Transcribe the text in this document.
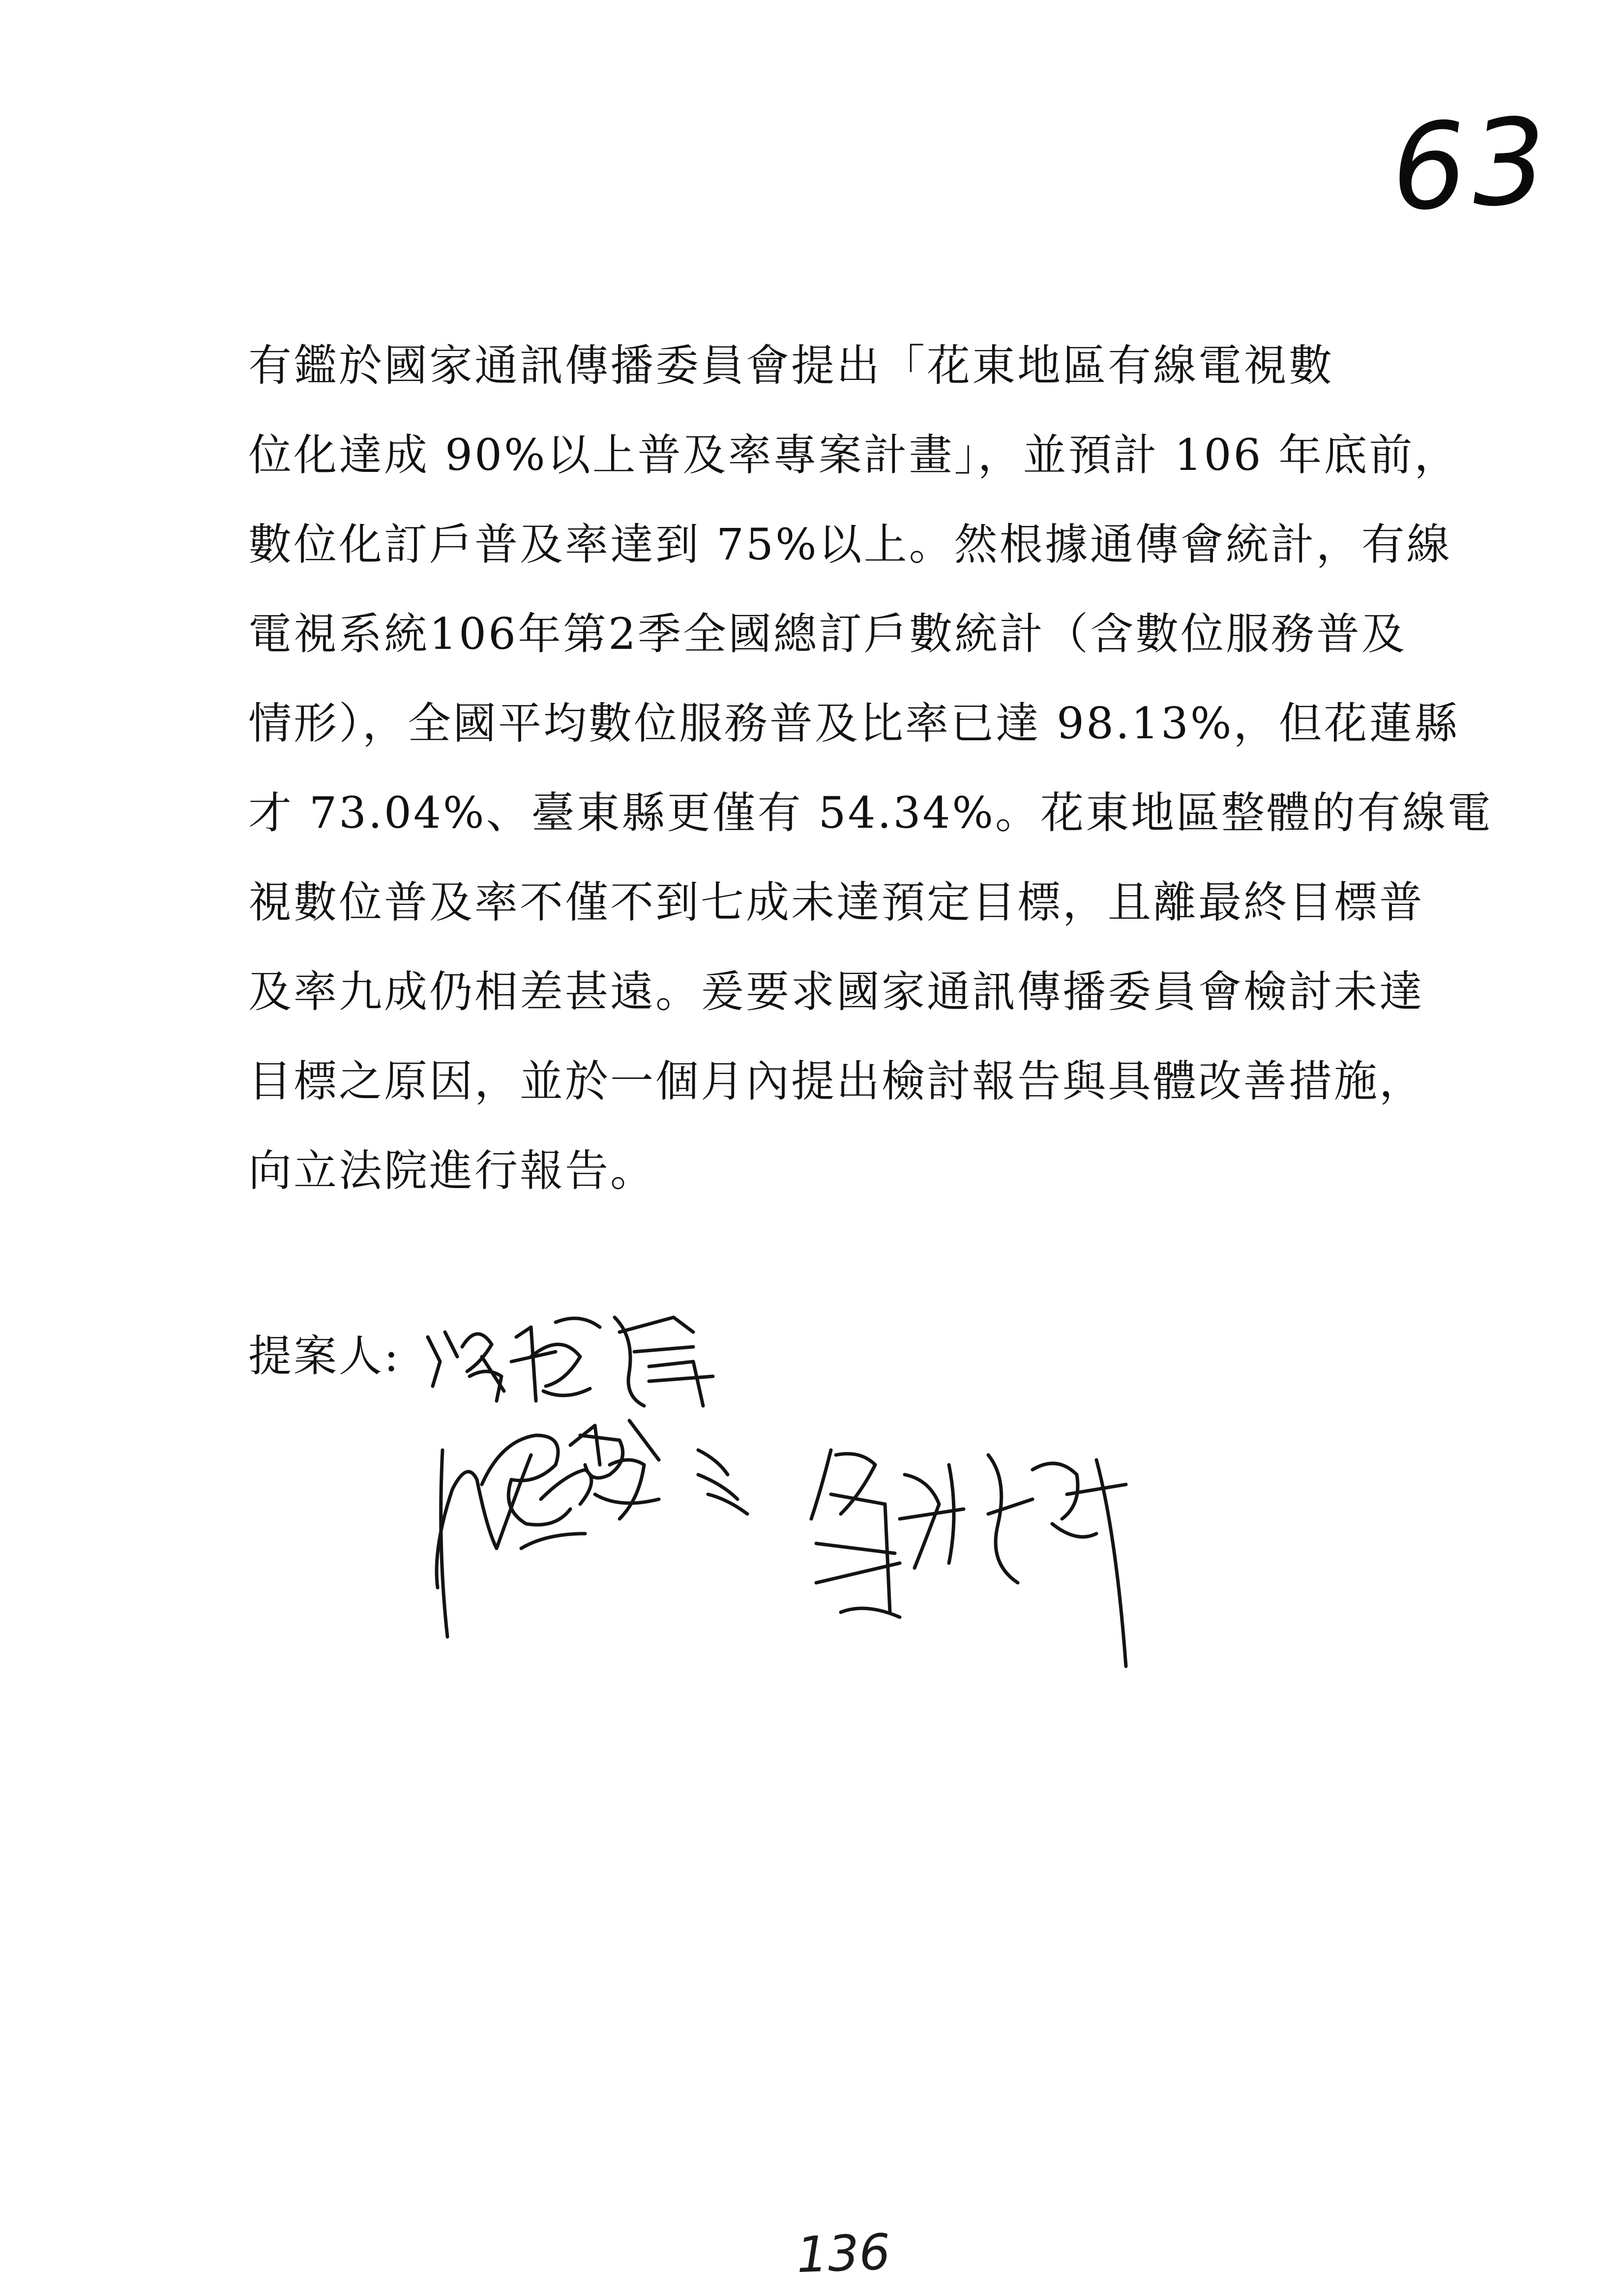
63
有鑑於國家通訊傳播委員會提出「花東地區有線電視數
位化達成 90%以上普及率專案計畫」，並預計 106 年底前，
數位化訂戶普及率達到 75%以上。然根據通傳會統計，有線
電視系統106年第2季全國總訂戶數統計（含數位服務普及
情形），全國平均數位服務普及比率已達 98.13%，但花蓮縣
才 73.04%、臺東縣更僅有 54.34%。花東地區整體的有線電
視數位普及率不僅不到七成未達預定目標，且離最終目標普
及率九成仍相差甚遠。爰要求國家通訊傳播委員會檢討未達
目標之原因，並於一個月內提出檢討報告與具體改善措施，
向立法院進行報告。
提案人:
136
